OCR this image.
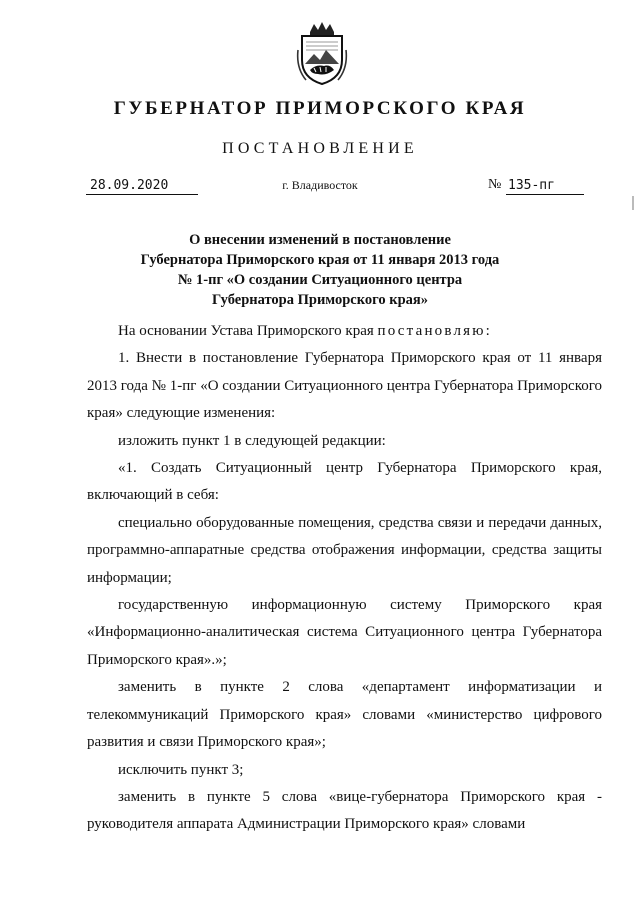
ГУБЕРНАТОР ПРИМОРСКОГО КРАЯ
ПОСТАНОВЛЕНИЕ
28.09.2020	г. Владивосток	№ 135-пг
О внесении изменений в постановление
Губернатора Приморского края от 11 января 2013 года
№ 1-пг «О создании Ситуационного центра
Губернатора Приморского края»

На основании Устава Приморского края постановляю:

1. Внести в постановление Губернатора Приморского края от 11 января 2013 года № 1-пг «О создании Ситуационного центра Губернатора Приморского края» следующие изменения:

изложить пункт 1 в следующей редакции:

«1. Создать Ситуационный центр Губернатора Приморского края, включающий в себя:

специально оборудованные помещения, средства связи и передачи данных, программно-аппаратные средства отображения информации, средства защиты информации;

государственную информационную систему Приморского края «Информационно-аналитическая система Ситуационного центра Губернатора Приморского края».»;

заменить в пункте 2 слова «департамент информатизации и телекоммуникаций Приморского края» словами «министерство цифрового развития и связи Приморского края»;

исключить пункт 3;

заменить в пункте 5 слова «вице-губернатора Приморского края - руководителя аппарата Администрации Приморского края» словами
